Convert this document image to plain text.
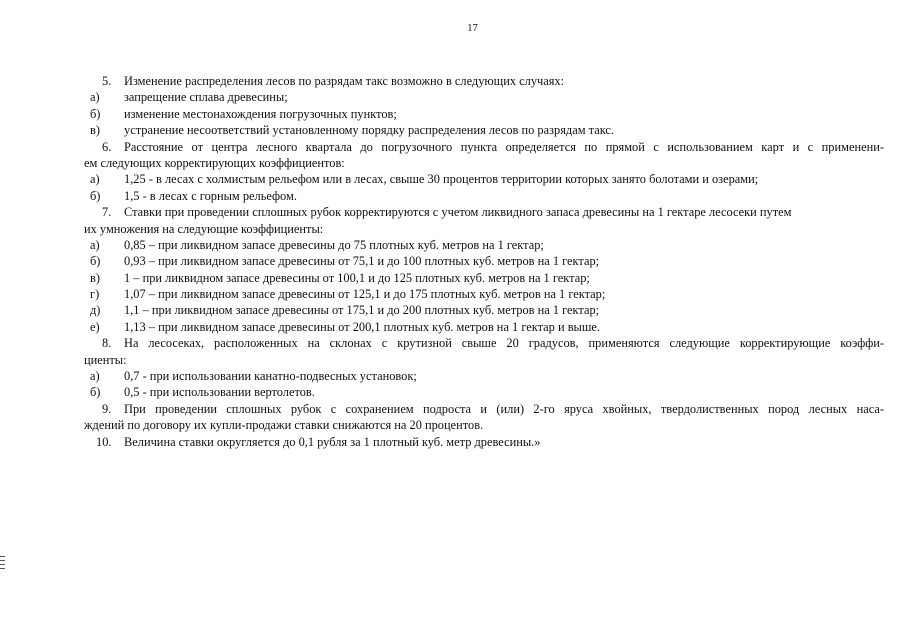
17
5. Изменение распределения лесов по разрядам такс возможно в следующих случаях:
а) запрещение сплава древесины;
б) изменение местонахождения погрузочных пунктов;
в) устранение несоответствий установленному порядку распределения лесов по разрядам такс.
6. Расстояние от центра лесного квартала до погрузочного пункта определяется по прямой с использованием карт и с применени-
ем следующих корректирующих коэффициентов:
а) 1,25 - в лесах с холмистым рельефом или в лесах, свыше 30 процентов территории которых занято болотами и озерами;
б) 1,5 - в лесах с горным рельефом.
7. Ставки при проведении сплошных рубок корректируются с учетом ликвидного запаса древесины на 1 гектаре лесосеки путем
их умножения на следующие коэффициенты:
а) 0,85 – при ликвидном запасе древесины до 75 плотных куб. метров на 1 гектар;
б) 0,93 – при ликвидном запасе древесины от 75,1 и до 100 плотных куб. метров на 1 гектар;
в) 1 – при ликвидном запасе древесины от 100,1 и до 125 плотных куб. метров на 1 гектар;
г) 1,07 – при ликвидном запасе древесины от 125,1 и до 175 плотных куб. метров на 1 гектар;
д) 1,1 – при ликвидном запасе древесины от 175,1 и до 200 плотных куб. метров на 1 гектар;
е) 1,13 – при ликвидном запасе древесины от 200,1 плотных куб. метров на 1 гектар и выше.
8. На лесосеках, расположенных на склонах с крутизной свыше 20 градусов, применяются следующие корректирующие коэффи-
циенты:
а) 0,7 - при использовании канатно-подвесных установок;
б) 0,5 - при использовании вертолетов.
9. При проведении сплошных рубок с сохранением подроста и (или) 2-го яруса хвойных, твердолиственных пород лесных наса-
ждений по договору их купли-продажи ставки снижаются на 20 процентов.
10. Величина ставки округляется до 0,1 рубля за 1 плотный куб. метр древесины.»
